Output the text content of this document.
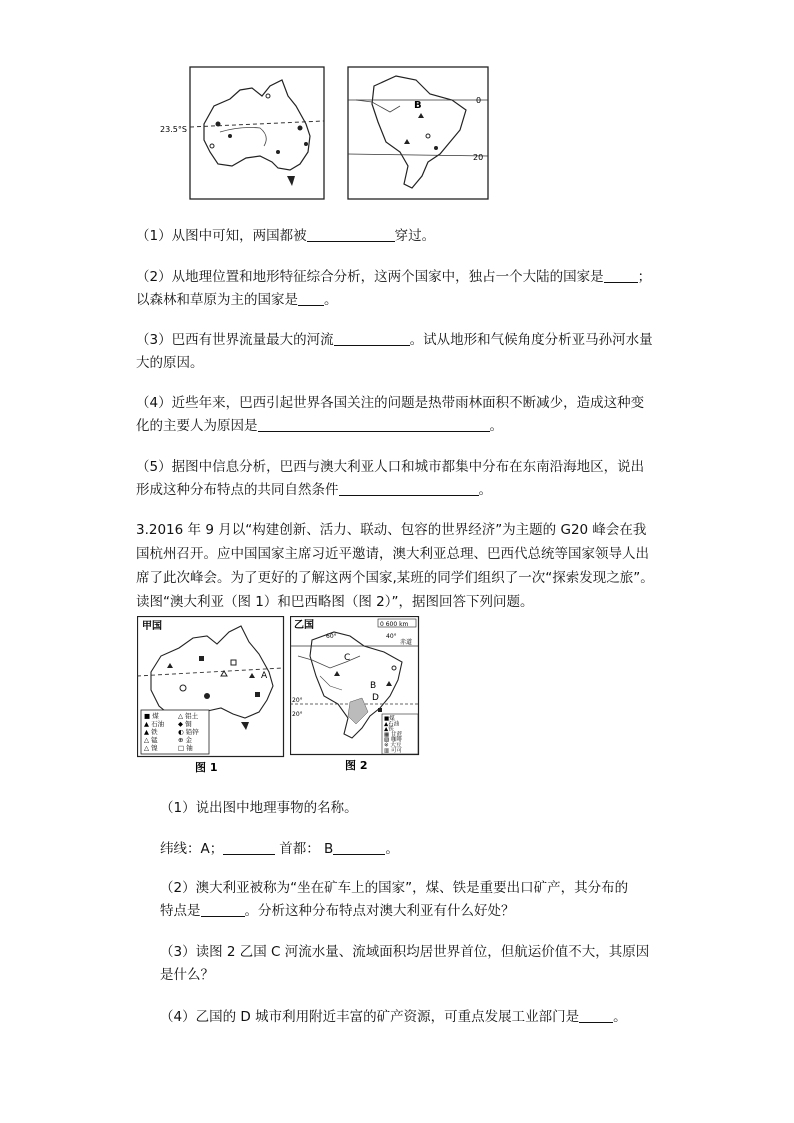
23.5°S
B	0
20
（1）从图中可知，两国都被	穿过。
（2）从地理位置和地形特征综合分析，这两个国家中，独占一个大陆的国家是	；
以森林和草原为主的国家是 。
（3）巴西有世界流量最大的河流	。试从地形和气候角度分析亚马孙河水量
大的原因。
（4）近些年来，巴西引起世界各国关注的问题是热带雨林面积不断减少，造成这种变
化的主要人为原因是	。
（5）据图中信息分析，巴西与澳大利亚人口和城市都集中分布在东南沿海地区，说出
形成这种分布特点的共同自然条件	。
3.2016 年 9 月以“构建创新、活力、联动、包容的世界经济”为主题的 G20 峰会在我
国杭州召开。应中国国家主席习近平邀请，澳大利亚总理、巴西代总统等国家领导人出
席了此次峰会。为了更好的了解这两个国家,某班的同学们组织了一次“探索发现之旅”。
读图“澳大利亚（图 1）和巴西略图（图 2）”，据图回答下列问题。
甲国
A
■ 煤	△ 铝土
▲ 石油 ◆ 铜
▲ 铁	◐ 铅锌
△ 锰	⊕ 金
△ 镍	□ 铀
图 1
乙国	0 600 km
赤道
40°
60°
20°
20°
B
C
D
■煤
▲石油
▲铁
▦ 甘蔗
▧ 咖啡
※ 大豆
▥ 可可
图 2
（1）说出图中地理事物的名称。
纬线：A；	首都： B	。
（2）澳大利亚被称为“坐在矿车上的国家”，煤、铁是重要出口矿产，其分布的
特点是	。分析这种分布特点对澳大利亚有什么好处？
（3）读图 2 乙国 C 河流水量、流域面积均居世界首位，但航运价值不大，其原因
是什么？
（4）乙国的 D 城市利用附近丰富的矿产资源，可重点发展工业部门是	。
